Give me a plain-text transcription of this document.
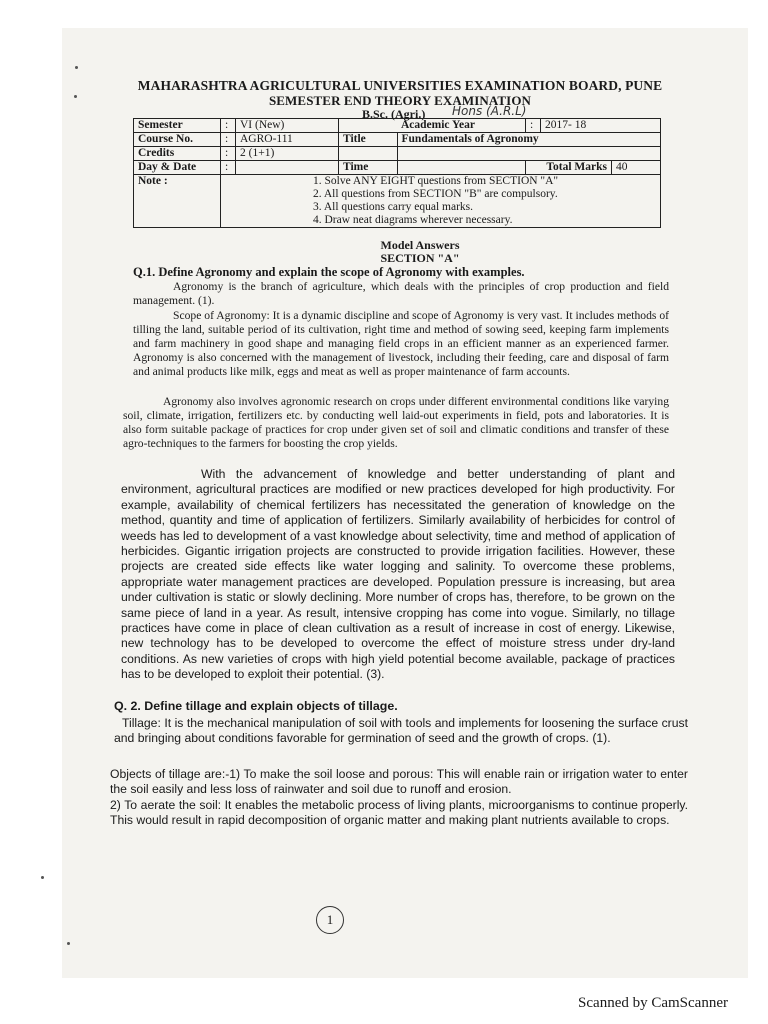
MAHARASHTRA AGRICULTURAL UNIVERSITIES EXAMINATION BOARD, PUNE
SEMESTER END THEORY EXAMINATION
B.Sc. (Agri.) Hons (A.R.L)
Semester	:	VI (New)		Academic Year	:	2017- 18	
Course No.	:	AGRO-111	Title	Fundamentals of Agronomy			
Credits	:	2 (1+1)					
Day & Date	:		Time		Total Marks		40
Note :	1. Solve ANY EIGHT questions from SECTION "A"
2. All questions from SECTION "B" are compulsory.
3. All questions carry equal marks.
4. Draw neat diagrams wherever necessary.						
Model Answers
SECTION "A"
Q.1. Define Agronomy and explain the scope of Agronomy with examples.
Agronomy is the branch of agriculture, which deals with the principles of crop production and field management. (1).
Scope of Agronomy: It is a dynamic discipline and scope of Agronomy is very vast. It includes methods of tilling the land, suitable period of its cultivation, right time and method of sowing seed, keeping farm implements and farm machinery in good shape and managing field crops in an efficient manner as an experienced farmer. Agronomy is also concerned with the management of livestock, including their feeding, care and disposal of farm and animal products like milk, eggs and meat as well as proper maintenance of farm accounts.
Agronomy also involves agronomic research on crops under different environmental conditions like varying soil, climate, irrigation, fertilizers etc. by conducting well laid-out experiments in field, pots and laboratories. It is also form suitable package of practices for crop under given set of soil and climatic conditions and transfer of these agro-techniques to the farmers for boosting the crop yields.
With the advancement of knowledge and better understanding of plant and environment, agricultural practices are modified or new practices developed for high productivity. For example, availability of chemical fertilizers has necessitated the generation of knowledge on the method, quantity and time of application of fertilizers. Similarly availability of herbicides for control of weeds has led to development of a vast knowledge about selectivity, time and method of application of herbicides. Gigantic irrigation projects are constructed to provide irrigation facilities. However, these projects are created side effects like water logging and salinity. To overcome these problems, appropriate water management practices are developed. Population pressure is increasing, but area under cultivation is static or slowly declining. More number of crops has, therefore, to be grown on the same piece of land in a year. As result, intensive cropping has come into vogue. Similarly, no tillage practices have come in place of clean cultivation as a result of increase in cost of energy. Likewise, new technology has to be developed to overcome the effect of moisture stress under dry-land conditions. As new varieties of crops with high yield potential become available, package of practices has to be developed to exploit their potential. (3).
Q. 2. Define tillage and explain objects of tillage.
Tillage: It is the mechanical manipulation of soil with tools and implements for loosening the surface crust and bringing about conditions favorable for germination of seed and the growth of crops. (1).
Objects of tillage are:-1) To make the soil loose and porous: This will enable rain or irrigation water to enter the soil easily and less loss of rainwater and soil due to runoff and erosion.
2) To aerate the soil: It enables the metabolic process of living plants, microorganisms to continue properly. This would result in rapid decomposition of organic matter and making plant nutrients available to crops.
1
Scanned by CamScanner
